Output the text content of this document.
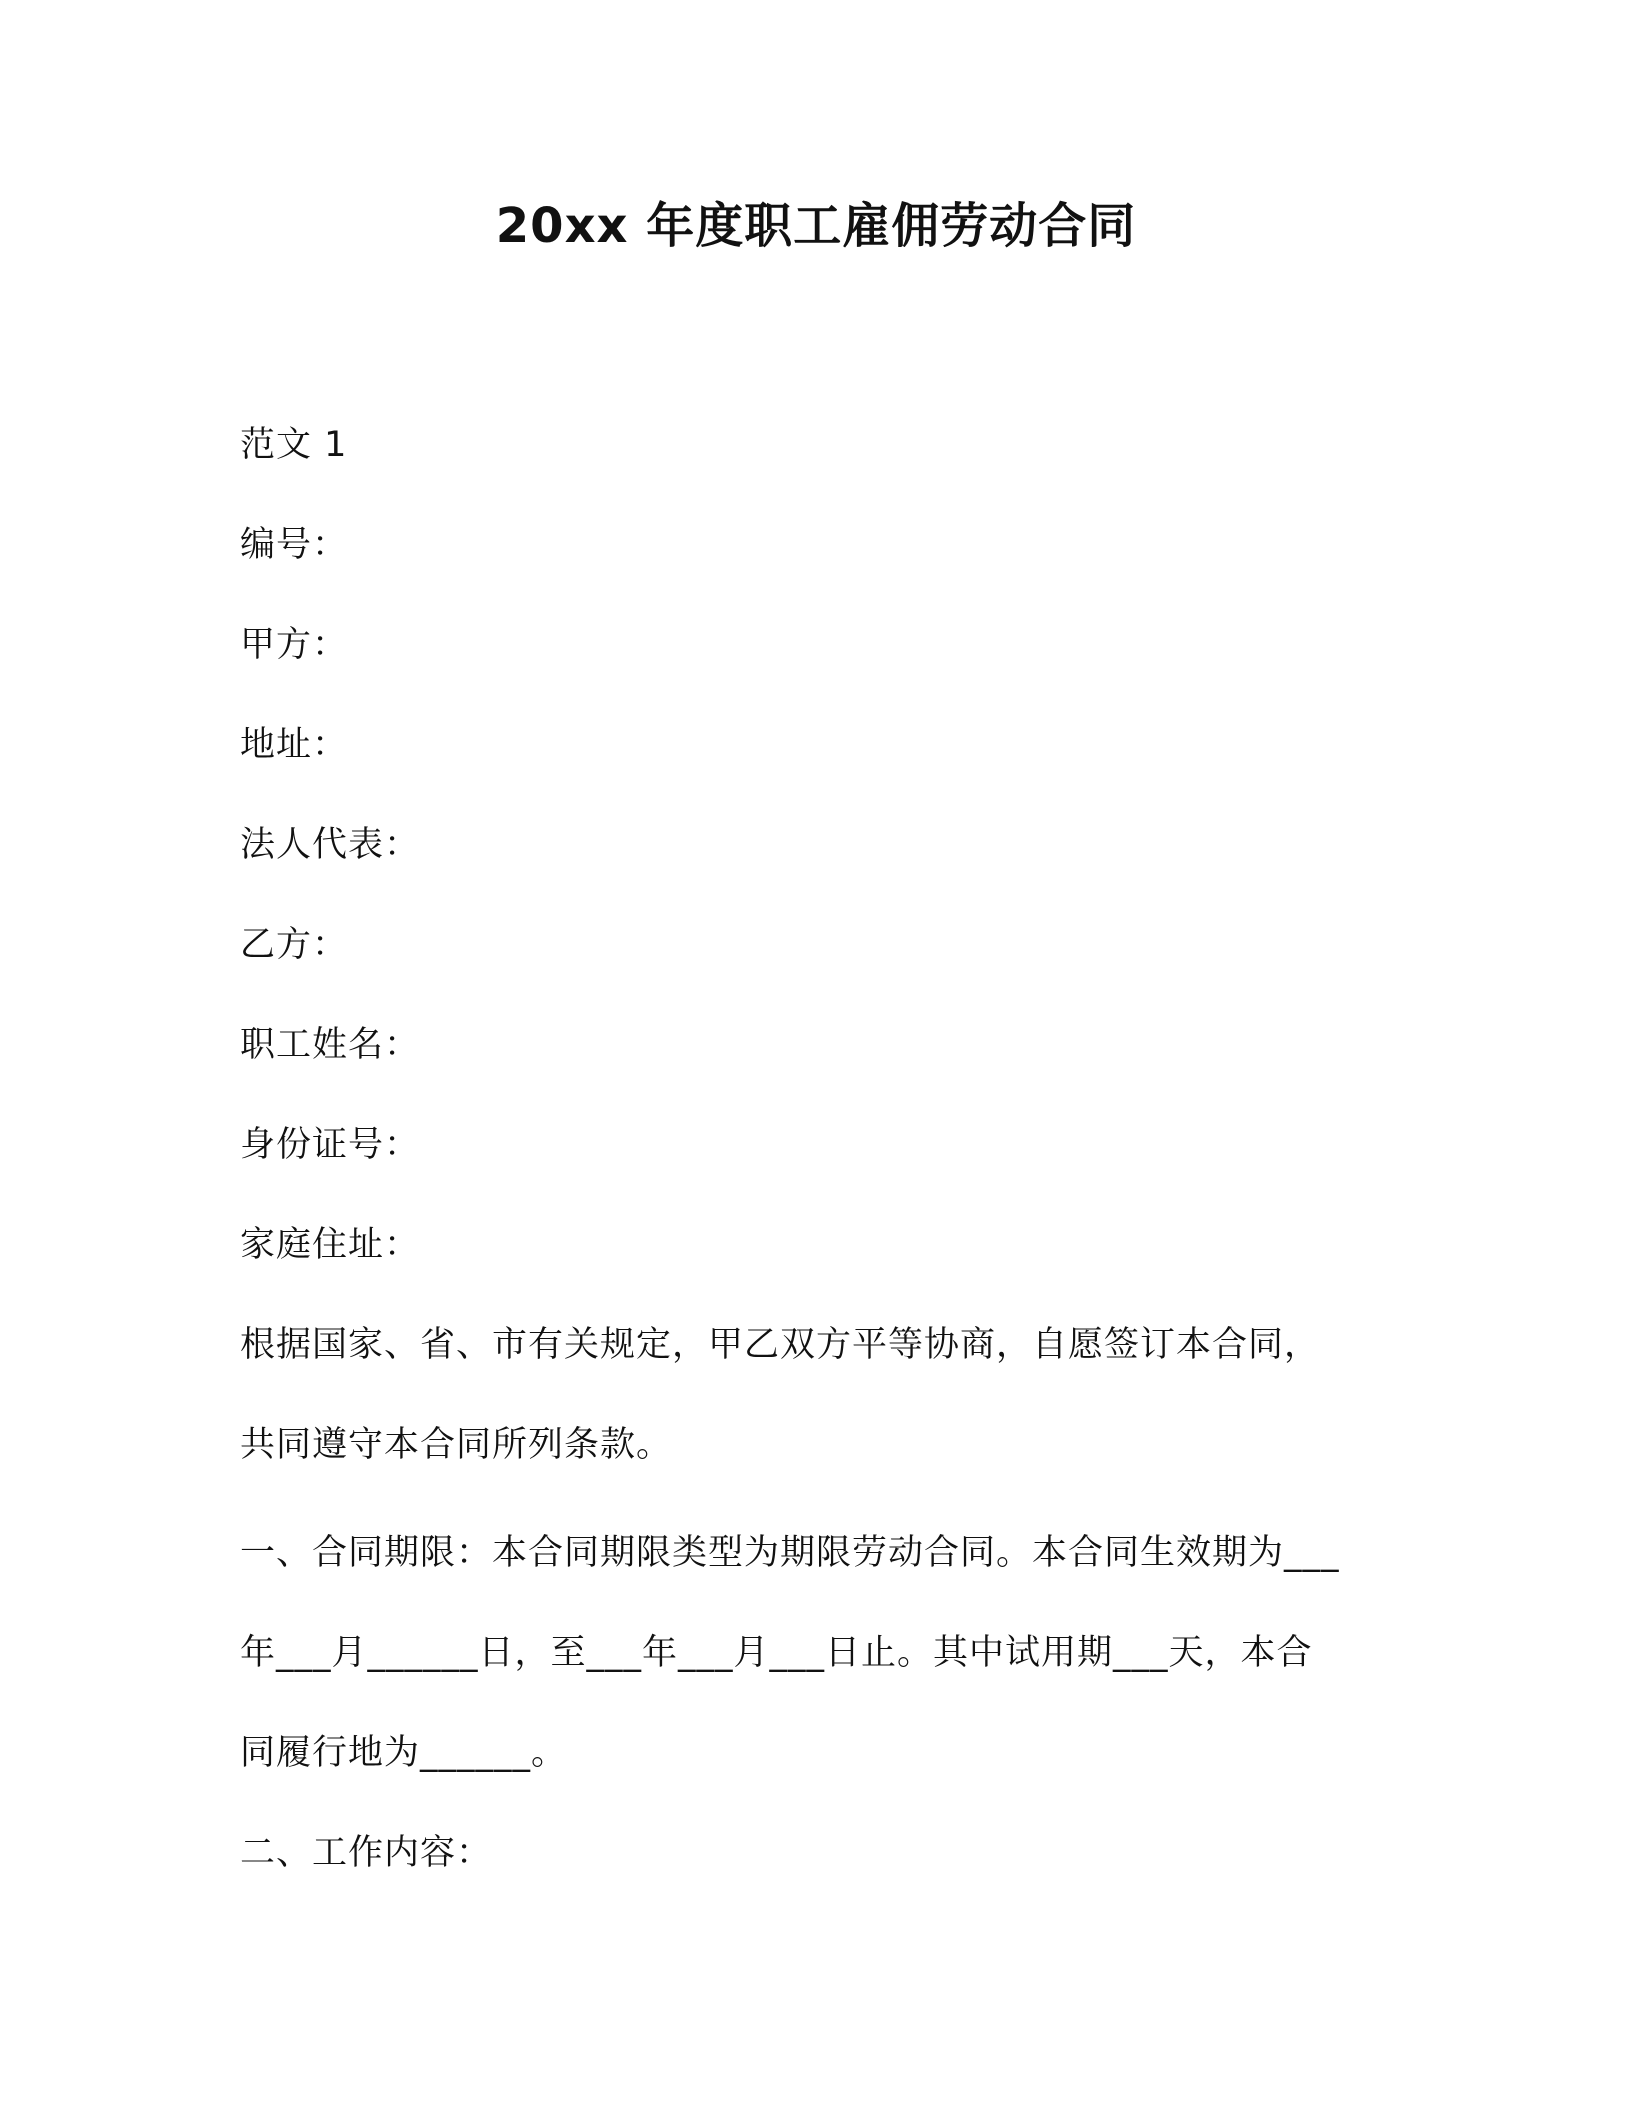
20xx 年度职工雇佣劳动合同
范文 1
编号：
甲方：
地址：
法人代表：
乙方：
职工姓名：
身份证号：
家庭住址：
根据国家、省、市有关规定，甲乙双方平等协商，自愿签订本合同，
共同遵守本合同所列条款。
一、合同期限：本合同期限类型为期限劳动合同。本合同生效期为___
年___月______日，至___年___月___日止。其中试用期___天，本合
同履行地为______。
二、工作内容：
